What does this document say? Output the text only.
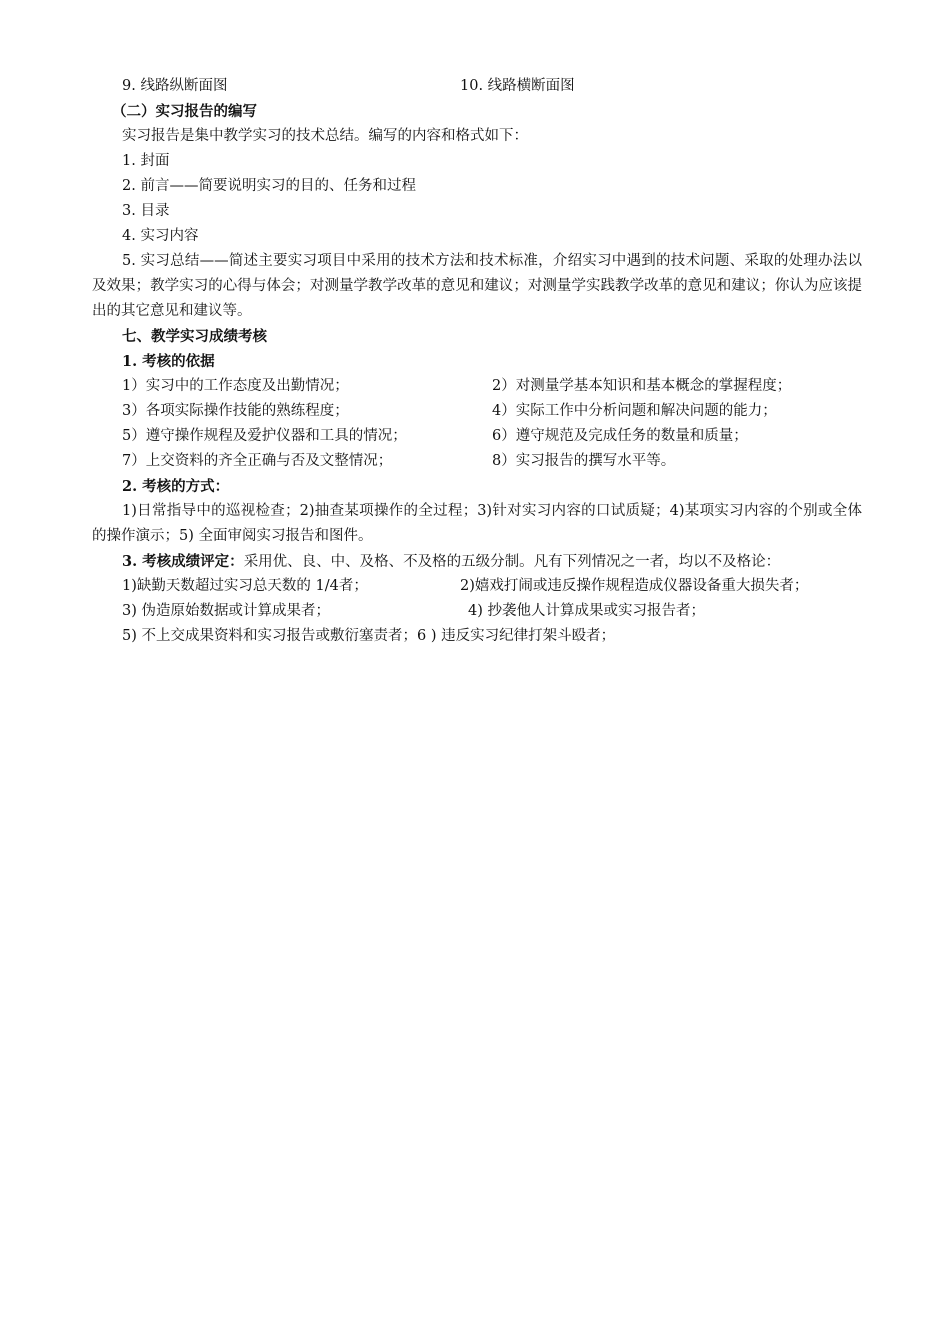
9. 线路纵断面图	10. 线路横断面图
（二）实习报告的编写
实习报告是集中教学实习的技术总结。编写的内容和格式如下：
1. 封面
2. 前言——简要说明实习的目的、任务和过程
3. 目录
4. 实习内容
5. 实习总结——简述主要实习项目中采用的技术方法和技术标准，介绍实习中遇到的技术问题、采取的处理办法以及效果；教学实习的心得与体会；对测量学教学改革的意见和建议；对测量学实践教学改革的意见和建议；你认为应该提出的其它意见和建议等。
七、教学实习成绩考核
1. 考核的依据
1）实习中的工作态度及出勤情况；	2）对测量学基本知识和基本概念的掌握程度；
3）各项实际操作技能的熟练程度；	4）实际工作中分析问题和解决问题的能力；
5）遵守操作规程及爱护仪器和工具的情况；	6）遵守规范及完成任务的数量和质量；
7）上交资料的齐全正确与否及文整情况；	8）实习报告的撰写水平等。
2. 考核的方式：
1)日常指导中的巡视检查；2)抽查某项操作的全过程；3)针对实习内容的口试质疑；4)某项实习内容的个别或全体的操作演示；5) 全面审阅实习报告和图件。
3. 考核成绩评定：采用优、良、中、及格、不及格的五级分制。凡有下列情况之一者，均以不及格论：
1)缺勤天数超过实习总天数的 1/4者；	2)嬉戏打闹或违反操作规程造成仪器设备重大损失者；
3) 伪造原始数据或计算成果者；	4) 抄袭他人计算成果或实习报告者；
5) 不上交成果资料和实习报告或敷衍塞责者；6 ) 违反实习纪律打架斗殴者；
